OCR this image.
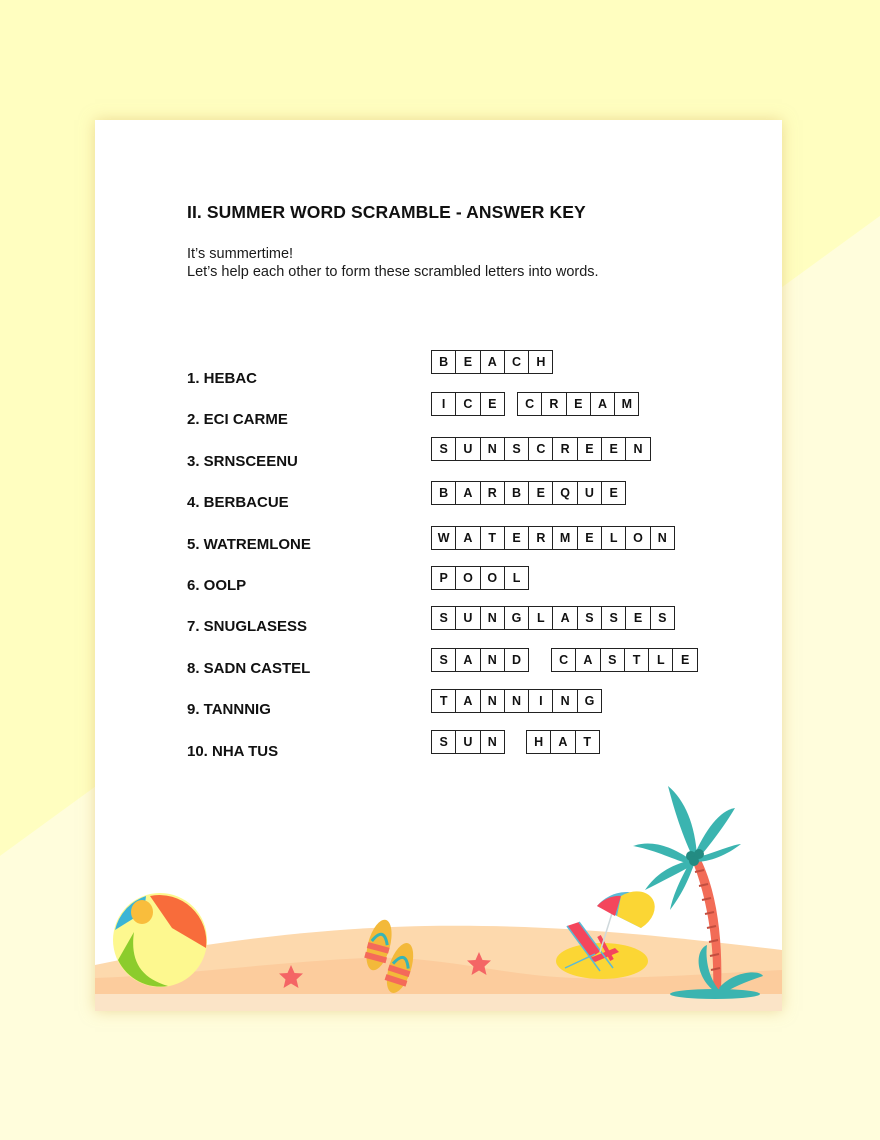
II. SUMMER WORD SCRAMBLE - ANSWER KEY
It’s summertime!
Let’s help each other to form these scrambled letters into words.
1. HEBAC
B	E	A	C	H
2. ECI CARME
I	C	E	C	R	E	A	M
3. SRNSCEENU
S	U	N	S	C	R	E	E	N
4. BERBACUE
B	A	R	B	E	Q	U	E
5. WATREMLONE	W	A	T	E	R	M	E	L	O	N
6. OOLP	P	O	O	L
7. SNUGLASESS	S	U	N	G	L	A	S	S	E	S
8. SADN CASTEL	S	A	N	D	C	A	S	T	L	E
9. TANNNIG	T	A	N	N	I	N	G
10. NHA TUS
S	U	N	H	A	T
